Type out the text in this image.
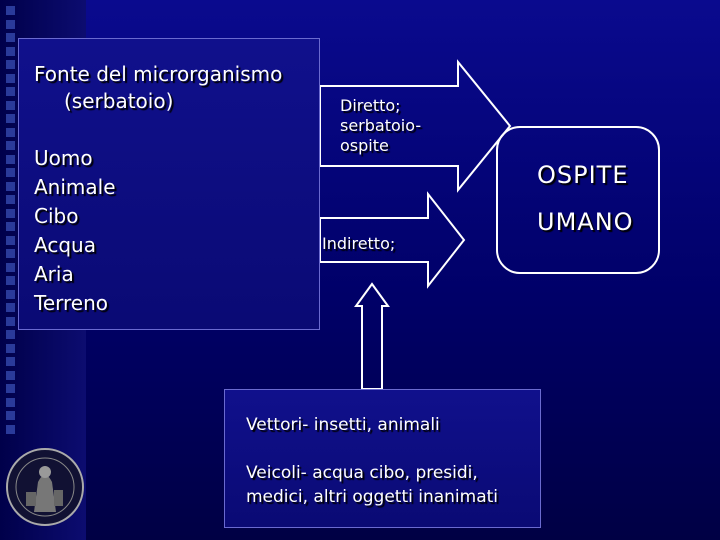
Fonte del microrganismo
(serbatoio)
Uomo
Animale
Cibo
Acqua
Aria
Terreno
Diretto;
serbatoio-
ospite
Indiretto;
OSPITE
UMANO
Vettori- insetti, animali
Veicoli- acqua cibo, presidi,
medici, altri oggetti inanimati
